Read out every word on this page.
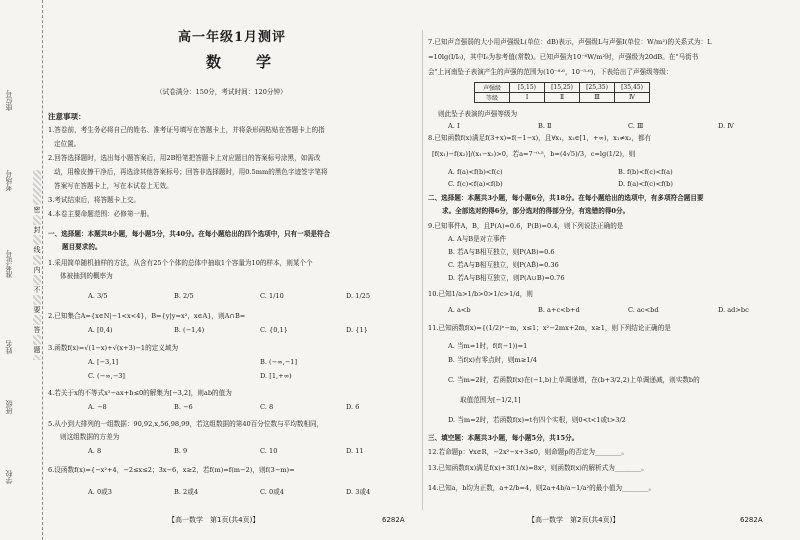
学校
班级
姓名
准考证号
考场号
座位号
密
封
线
内
不
要
答
题
高一年级1月测评
数　学
（试卷满分：150分，考试时间：120分钟）
注意事项：
1.答卷前，考生务必将自己的姓名、准考证号填写在答题卡上，并将条形码粘贴在答题卡上的指
定位置。
2.回答选择题时，选出每小题答案后，用2B铅笔把答题卡上对应题目的答案标号涂黑，如需改
动，用橡皮擦干净后，再选涂其他答案标号；回答非选择题时，用0.5mm的黑色字迹签字笔将
答案写在答题卡上，写在本试卷上无效。
3.考试结束后，将答题卡上交。
4.本卷主要命题范围：必修第一册。
一、选择题：本题共8小题，每小题5分，共40分。在每小题给出的四个选项中，只有一项是符合
题目要求的。
1.采用简单随机抽样的方法，从含有25个个体的总体中抽取1个容量为10的样本，则某个个
体被抽到的概率为
A. 3/5	B. 2/5	C. 1/10	D. 1/25
2.已知集合A={x∈N|−1<x<4}，B={y|y=x²，x∈A}，则A∩B=
A. [0,4)	B. (−1,4)	C. {0,1}	D. {1}
3.函数f(x)=√(1−x)+√(x+3)−1的定义域为
A. [−3,1]	B. (−∞,−1]
C. (−∞,−3]	D. [1,+∞)
4.若关于x的不等式x²−ax+b≤0的解集为[−3,2]，则ab的值为
A. −8	B. −6	C. 8	D. 6
5.从小到大排列的一组数据：90,92,x,56,98,99，若这组数据的第40百分位数与平均数相同，
则这组数据的方差为
A. 8	B. 9	C. 10	D. 11
6.设函数f(x)={−x²+4，−2≤x≤2；3x−6，x≥2，若f(m)=f(m−2)，则f(3−m)=
A. 0或3	B. 2或4	C. 0或4	D. 3或4
【高一数学　第1页(共4页)】	6282A
7.已知声音强弱的大小用声强级L(单位：dB)表示，声强级L与声强I(单位：W/m²)的关系式为：L
=10lg(I/I₀)，其中I₀为参考值(常数)。已知声强为10⁻⁶W/m²时，声强级为20dB。在"马街书
会"上河南坠子表演产生的声强的范围为(10⁻⁸·⁶，10⁻⁵·⁶)，下表给出了声强级等级：
声强级	[5,15)	[15,25)	[25,35)	[35,45)
等级	Ⅰ	Ⅱ	Ⅲ	Ⅳ
则此坠子表演的声强等级为
A. Ⅰ	B. Ⅱ	C. Ⅲ	D. Ⅳ
8.已知函数f(x)满足f(3+x)=f(−1−x)，且∀x₁，x₂∈[1，+∞)，x₁≠x₂，都有
[f(x₁)−f(x₂)]/(x₁−x₂)>0，若a=7⁻⁰·⁵，b=(4√5)/3，c=lg(1/2)，则
A. f(a)<f(b)<f(c)	B. f(b)<f(c)<f(a)
C. f(c)<f(a)<f(b)	D. f(a)<f(c)<f(b)
二、选择题：本题共3小题，每小题6分，共18分。在每小题给出的选项中，有多项符合题目要
求。全部选对的得6分，部分选对的得部分分，有选错的得0分。
9.已知事件A，B，且P(A)=0.6，P(B)=0.4，则下列说法正确的是
A. A与B是对立事件
B. 若A与B相互独立，则P(AB)=0.6
C. 若A与B相互独立，则P(AB̄)=0.36
D. 若A与B相互独立，则P(A∪B)=0.76
10.已知1/a>1/b>0>1/c>1/d，则
A. a<b	B. a+c<b+d	C. ac<bd	D. ad>bc
11.已知函数f(x)={(1/2)ˣ−m，x≤1；x²−2mx+2m，x≥1，则下列结论正确的是
A. 当m=1时，f(f(−1))=1
B. 当f(x)有零点时，则m≥1/4
C. 当m=2时，若函数f(x)在(−1,b)上单调递增，在(b+3/2,2)上单调递减，则实数b的
取值范围为[−1/2,1]
D. 当m=2时，若函数f(x)=t有四个实根，则0<t<1或t>3/2
三、填空题：本题共3小题，每小题5分，共15分。
12.若命题p：∀x∈R，−2x²−x+3≤0，则命题p的否定为________。
13.已知函数f(x)满足f(x)+3f(1/x)=8x²，则函数f(x)的解析式为________。
14.已知a，b均为正数，a+2/b=4，则2a+4b/a−1/a²的最小值为________。
【高一数学　第2页(共4页)】	6282A
